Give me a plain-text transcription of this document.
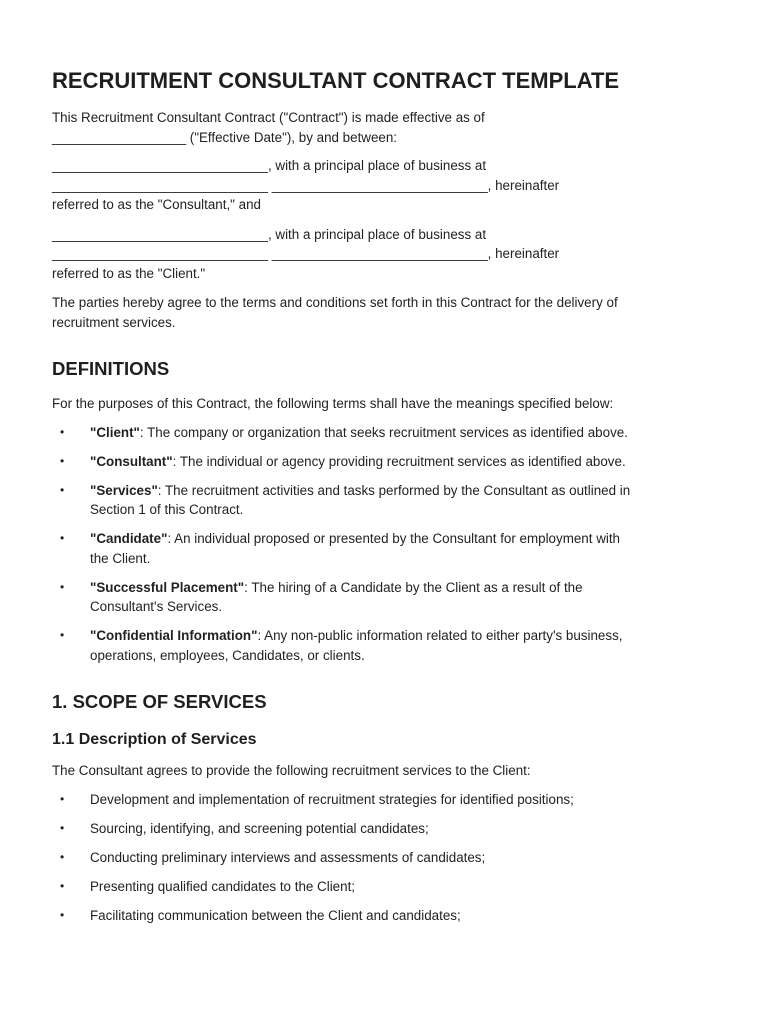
RECRUITMENT CONSULTANT CONTRACT TEMPLATE

This Recruitment Consultant Contract ("Contract") is made effective as of
__________________ ("Effective Date"), by and between:

_____________________________, with a principal place of business at
_____________________________ _____________________________, hereinafter
referred to as the "Consultant," and

_____________________________, with a principal place of business at
_____________________________ _____________________________, hereinafter
referred to as the "Client."

The parties hereby agree to the terms and conditions set forth in this Contract for the delivery of
recruitment services.

DEFINITIONS

For the purposes of this Contract, the following terms shall have the meanings specified below:

• "Client": The company or organization that seeks recruitment services as identified above.
• "Consultant": The individual or agency providing recruitment services as identified above.
• "Services": The recruitment activities and tasks performed by the Consultant as outlined in
Section 1 of this Contract.
• "Candidate": An individual proposed or presented by the Consultant for employment with
the Client.
• "Successful Placement": The hiring of a Candidate by the Client as a result of the
Consultant's Services.
• "Confidential Information": Any non-public information related to either party's business,
operations, employees, Candidates, or clients.
1. SCOPE OF SERVICES
1.1 Description of Services

The Consultant agrees to provide the following recruitment services to the Client:

• Development and implementation of recruitment strategies for identified positions;
• Sourcing, identifying, and screening potential candidates;
• Conducting preliminary interviews and assessments of candidates;
• Presenting qualified candidates to the Client;
• Facilitating communication between the Client and candidates;
